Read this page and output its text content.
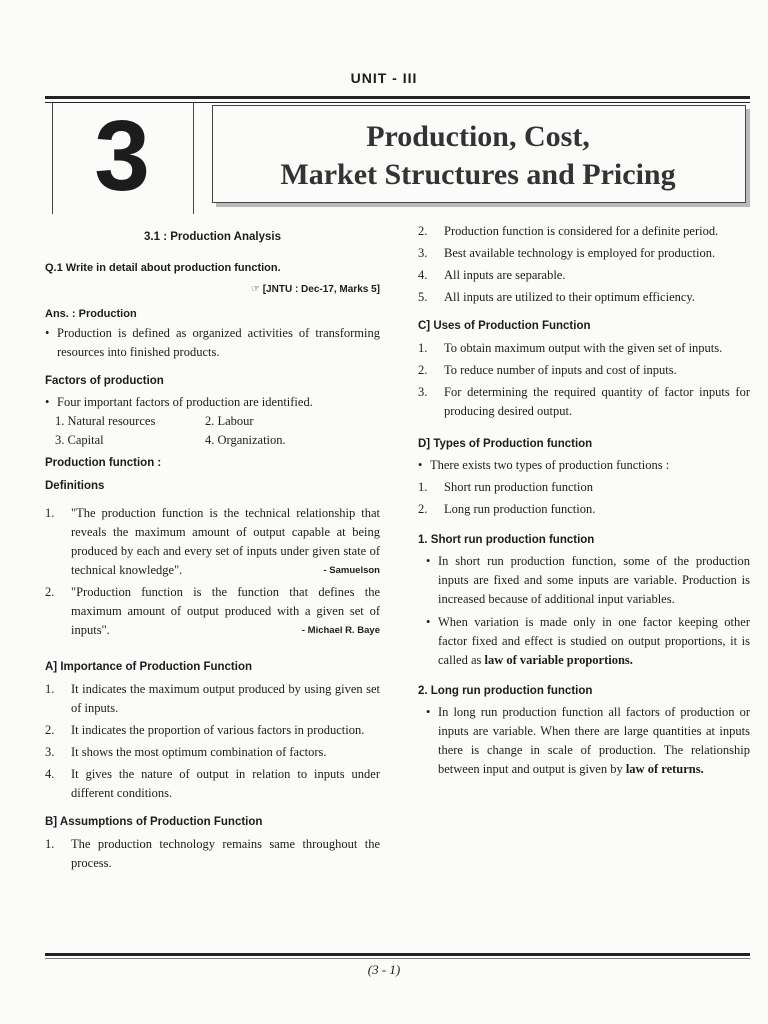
UNIT - III
3	Production, Cost,
Market Structures and Pricing

3.1 : Production Analysis

Q.1 Write in detail about production function.

☞ [JNTU : Dec-17, Marks 5]

Ans. : Production

• Production is defined as organized activities of transforming resources into finished products.

Factors of production

• Four important factors of production are identified.

1. Natural resources	2. Labour
3. Capital	4. Organization.

Production function :

Definitions

1. "The production function is the technical relationship that reveals the maximum amount of output capable at being produced by each and every set of inputs under given state of technical knowledge".	- Samuelson
2. "Production function is the function that defines the maximum amount of output produced with a given set of inputs".	- Michael R. Baye

A] Importance of Production Function

1. It indicates the maximum output produced by using given set of inputs.
2. It indicates the proportion of various factors in production.
3. It shows the most optimum combination of factors.
4. It gives the nature of output in relation to inputs under different conditions.

B] Assumptions of Production Function

1. The production technology remains same throughout the process.
2. Production function is considered for a definite period.
3. Best available technology is employed for production.
4. All inputs are separable.
5. All inputs are utilized to their optimum efficiency.

C] Uses of Production Function

1. To obtain maximum output with the given set of inputs.
2. To reduce number of inputs and cost of inputs.
3. For determining the required quantity of factor inputs for producing desired output.

D] Types of Production function

• There exists two types of production functions :

1. Short run production function
2. Long run production function.

1. Short run production function

• In short run production function, some of the production inputs are fixed and some inputs are variable. Production is increased because of additional input variables.

• When variation is made only in one factor keeping other factor fixed and effect is studied on output proportions, it is called as law of variable proportions.

2. Long run production function

• In long run production function all factors of production or inputs are variable. When there are large quantities at inputs there is change in scale of production. The relationship between input and output is given by law of returns.

(3 - 1)
